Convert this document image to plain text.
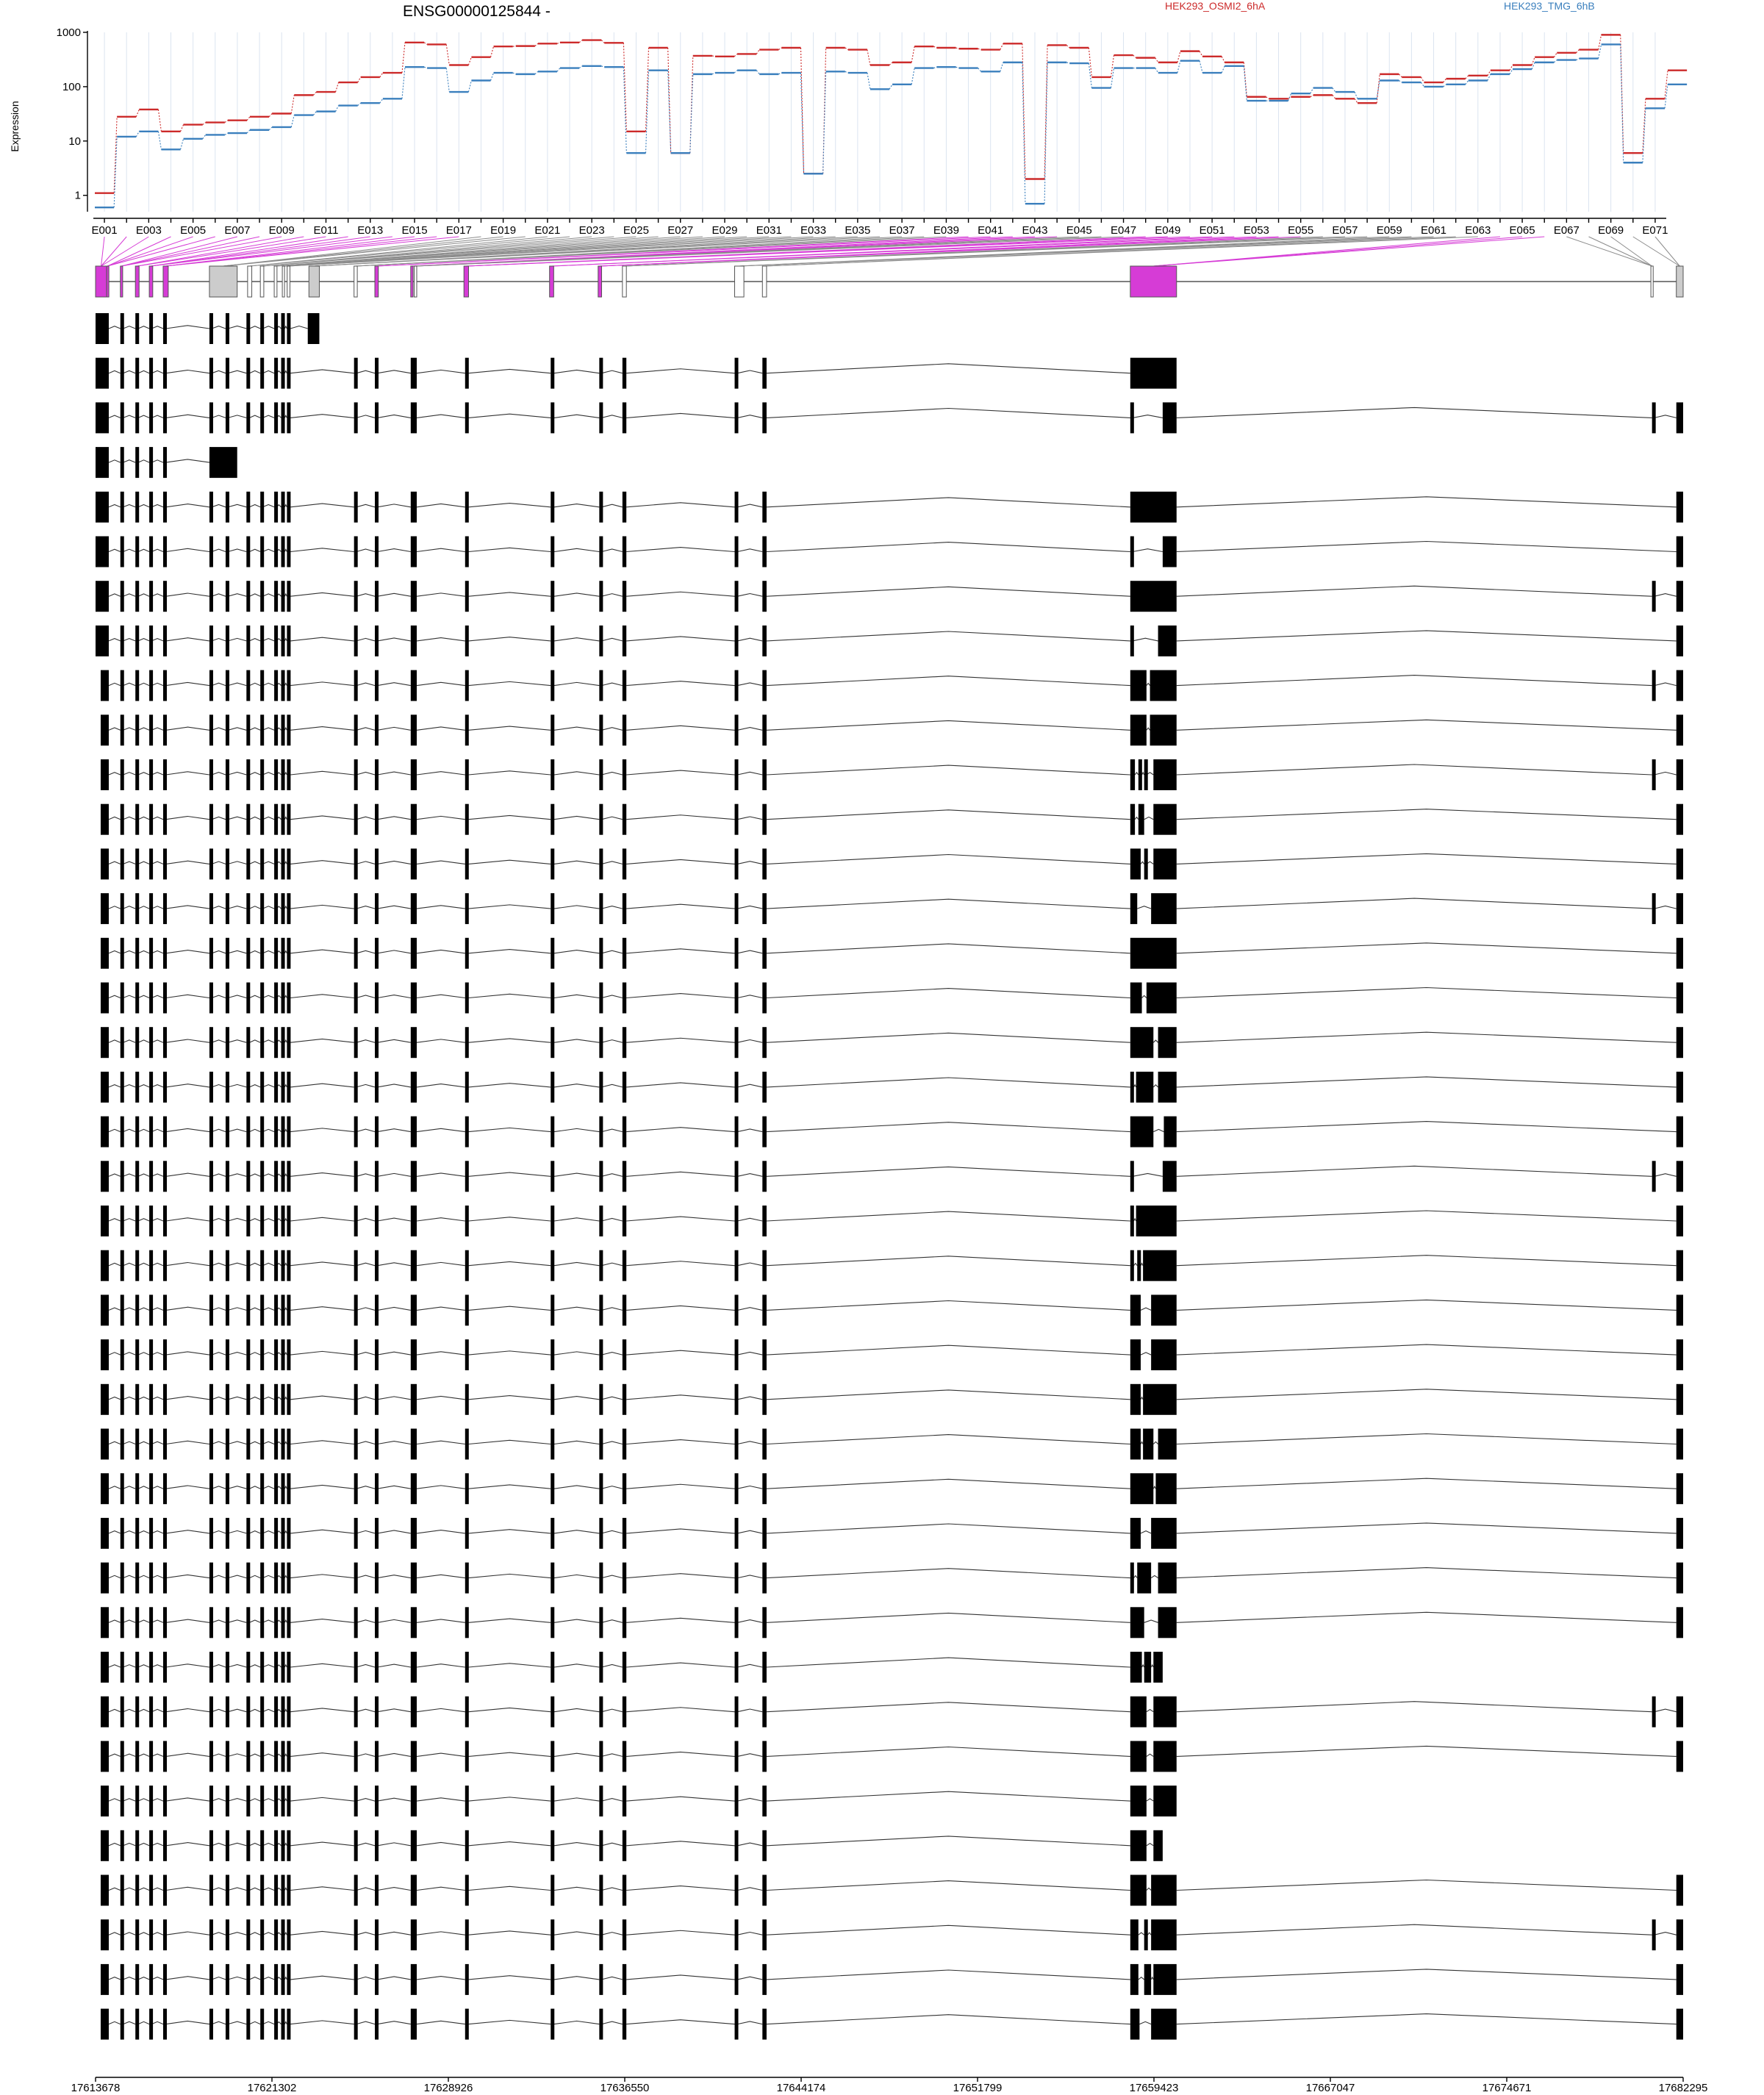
ENSG00000125844 -	HEK293_OSMI2_6hA	HEK293_TMG_6hB
Expression
1000
100
10
1
E001 E003 E005 E007 E009 E011 E013 E015 E017 E019 E021 E023 E025 E027 E029 E031 E033 E035 E037 E039 E041 E043 E045 E047 E049 E051 E053 E055 E057 E059 E061 E063 E065 E067 E069 E071
17613678	17621302	17628926	17636550	17644174	17651799	17659423	17667047	17674671	17682295
